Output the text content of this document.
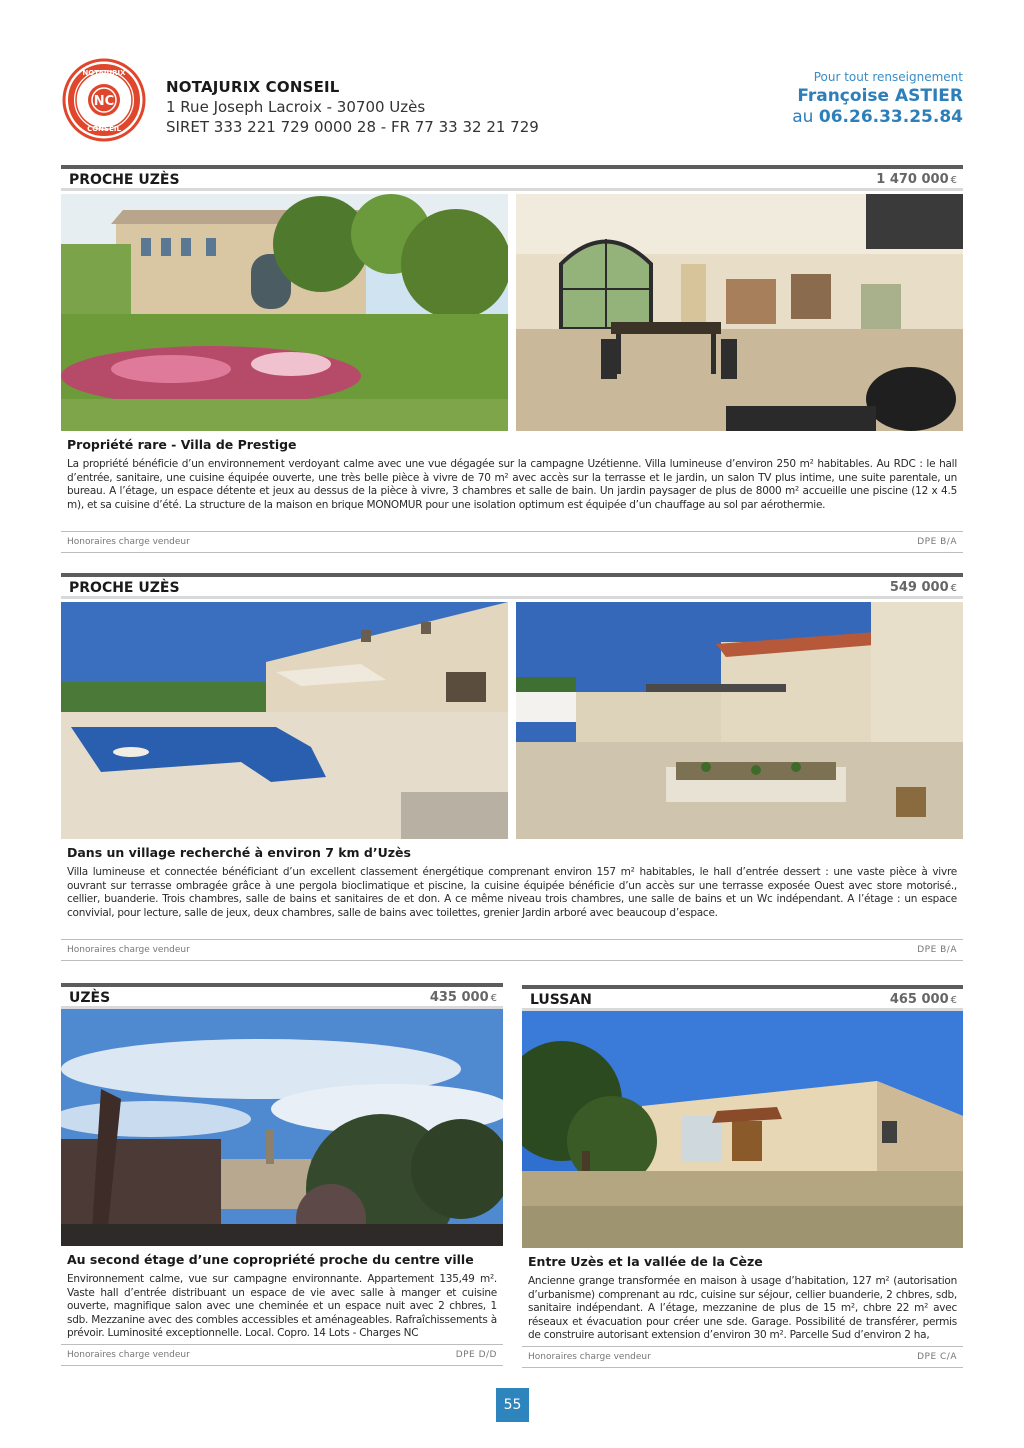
NC
NOTAJURIX
CONSEIL
NOTAJURIX CONSEIL
1 Rue Joseph Lacroix - 30700 Uzès
SIRET 333 221 729 0000 28 - FR 77 33 32 21 729
Pour tout renseignement
Françoise ASTIER
au 06.26.33.25.84
PROCHE UZÈS	1 470 000 €
Propriété rare - Villa de Prestige
La propriété bénéficie d’un environnement verdoyant calme avec une vue dégagée sur la campagne Uzétienne. Villa lumineuse d’environ 250 m² habitables. Au RDC : le hall d’entrée, sanitaire, une cuisine équipée ouverte, une très belle pièce à vivre de 70 m² avec accès sur la terrasse et le jardin, un salon TV plus intime, une suite parentale, un bureau. A l’étage, un espace détente et jeux au dessus de la pièce à vivre, 3 chambres et salle de bain. Un jardin paysager de plus de 8000 m² accueille une piscine (12 x 4.5 m), et sa cuisine d’été. La structure de la maison en brique MONOMUR pour une isolation optimum est équipée d’un chauffage au sol par aérothermie.
Honoraires charge vendeur	DPE B/A
PROCHE UZÈS	549 000 €
Dans un village recherché à environ 7 km d’Uzès
Villa lumineuse et connectée bénéficiant d’un excellent classement énergétique comprenant environ 157 m² habitables, le hall d’entrée dessert : une vaste pièce à vivre ouvrant sur terrasse ombragée grâce à une pergola bioclimatique et piscine, la cuisine équipée bénéficie d’un accès sur une terrasse exposée Ouest avec store motorisé., cellier, buanderie. Trois chambres, salle de bains et sanitaires de et don. A ce même niveau trois chambres, une salle de bains et un Wc indépendant. A l’étage : un espace convivial, pour lecture, salle de jeux, deux chambres, salle de bains avec toilettes, grenier Jardin arboré avec beaucoup d’espace.
Honoraires charge vendeur	DPE B/A
UZÈS	435 000 €
Au second étage d’une copropriété proche du centre ville
Environnement calme, vue sur campagne environnante. Appartement 135,49 m². Vaste hall d’entrée distribuant un espace de vie avec salle à manger et cuisine ouverte, magnifique salon avec une cheminée et un espace nuit avec 2 chbres, 1 sdb. Mezzanine avec des combles accessibles et aménageables. Rafraîchissements à prévoir. Luminosité exceptionnelle. Local. Copro. 14 Lots - Charges NC
Honoraires charge vendeur	DPE D/D
LUSSAN	465 000 €
Entre Uzès et la vallée de la Cèze
Ancienne grange transformée en maison à usage d’habitation, 127 m² (autorisation d’urbanisme) comprenant au rdc, cuisine sur séjour, cellier buanderie, 2 chbres, sdb, sanitaire indépendant. A l’étage, mezzanine de plus de 15 m², chbre 22 m² avec réseaux et évacuation pour créer une sde. Garage. Possibilité de transférer, permis de construire autorisant extension d’environ 30 m². Parcelle Sud d’environ 2 ha,
Honoraires charge vendeur	DPE C/A
55
